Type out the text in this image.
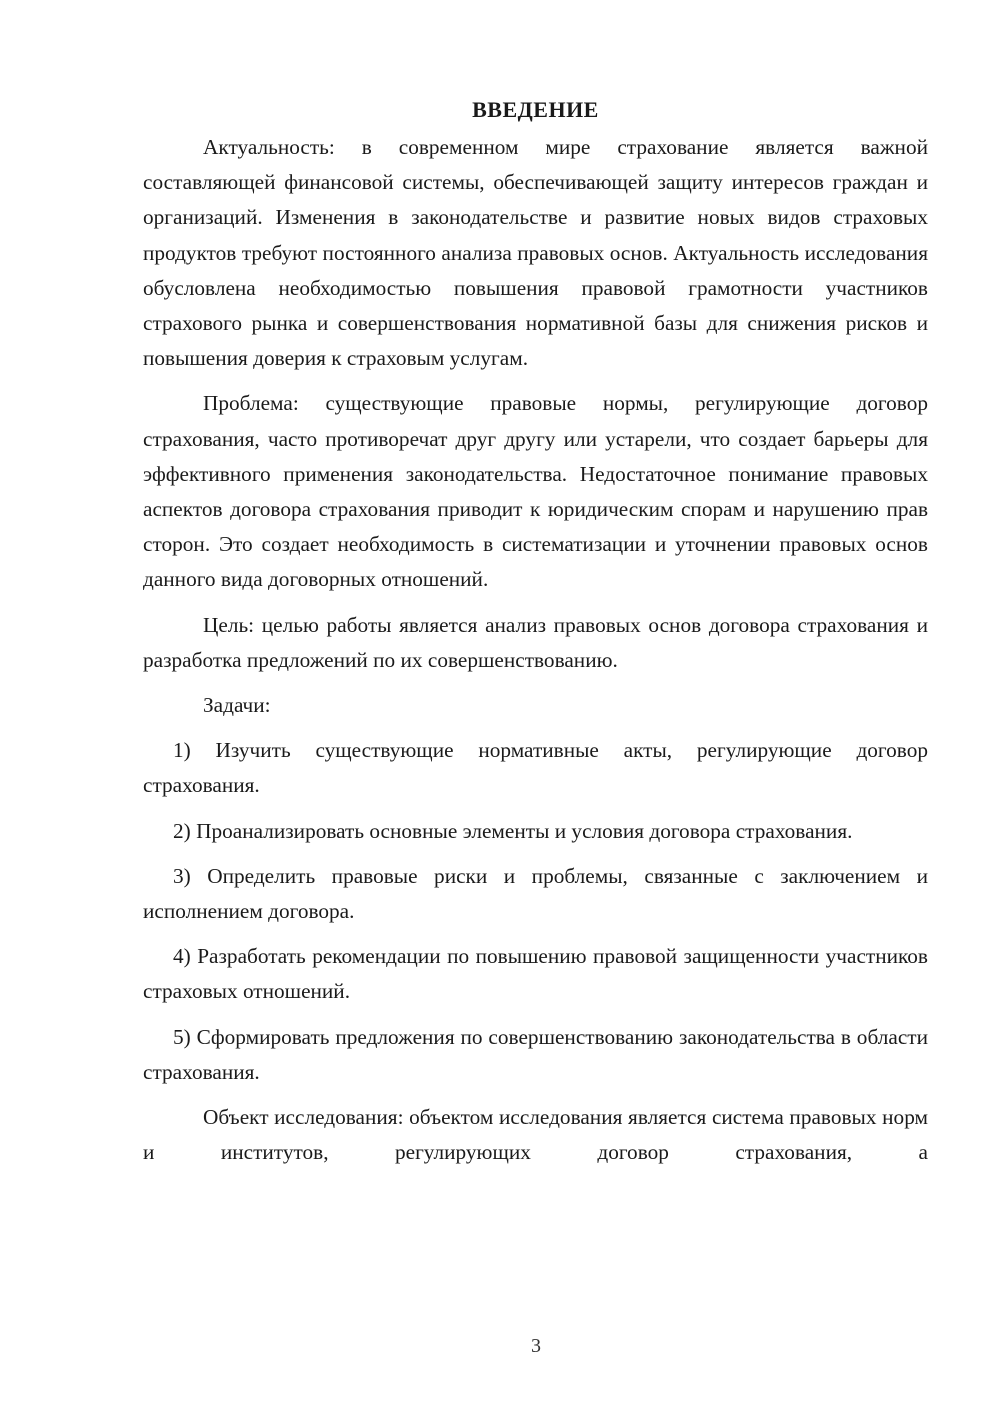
ВВЕДЕНИЕ

Актуальность: в современном мире страхование является важной составляющей финансовой системы, обеспечивающей защиту интересов граждан и организаций. Изменения в законодательстве и развитие новых видов страховых продуктов требуют постоянного анализа правовых основ. Актуальность исследования обусловлена необходимостью повышения правовой грамотности участников страхового рынка и совершенствования нормативной базы для снижения рисков и повышения доверия к страховым услугам.

Проблема: существующие правовые нормы, регулирующие договор страхования, часто противоречат друг другу или устарели, что создает барьеры для эффективного применения законодательства. Недостаточное понимание правовых аспектов договора страхования приводит к юридическим спорам и нарушению прав сторон. Это создает необходимость в систематизации и уточнении правовых основ данного вида договорных отношений.

Цель: целью работы является анализ правовых основ договора страхования и разработка предложений по их совершенствованию.

Задачи:

1) Изучить существующие нормативные акты, регулирующие договор страхования.

2) Проанализировать основные элементы и условия договора страхования.

3) Определить правовые риски и проблемы, связанные с заключением и исполнением договора.

4) Разработать рекомендации по повышению правовой защищенности участников страховых отношений.

5) Сформировать предложения по совершенствованию законодательства в области страхования.

Объект исследования: объектом исследования является система правовых норм и институтов, регулирующих договор страхования, а

3
